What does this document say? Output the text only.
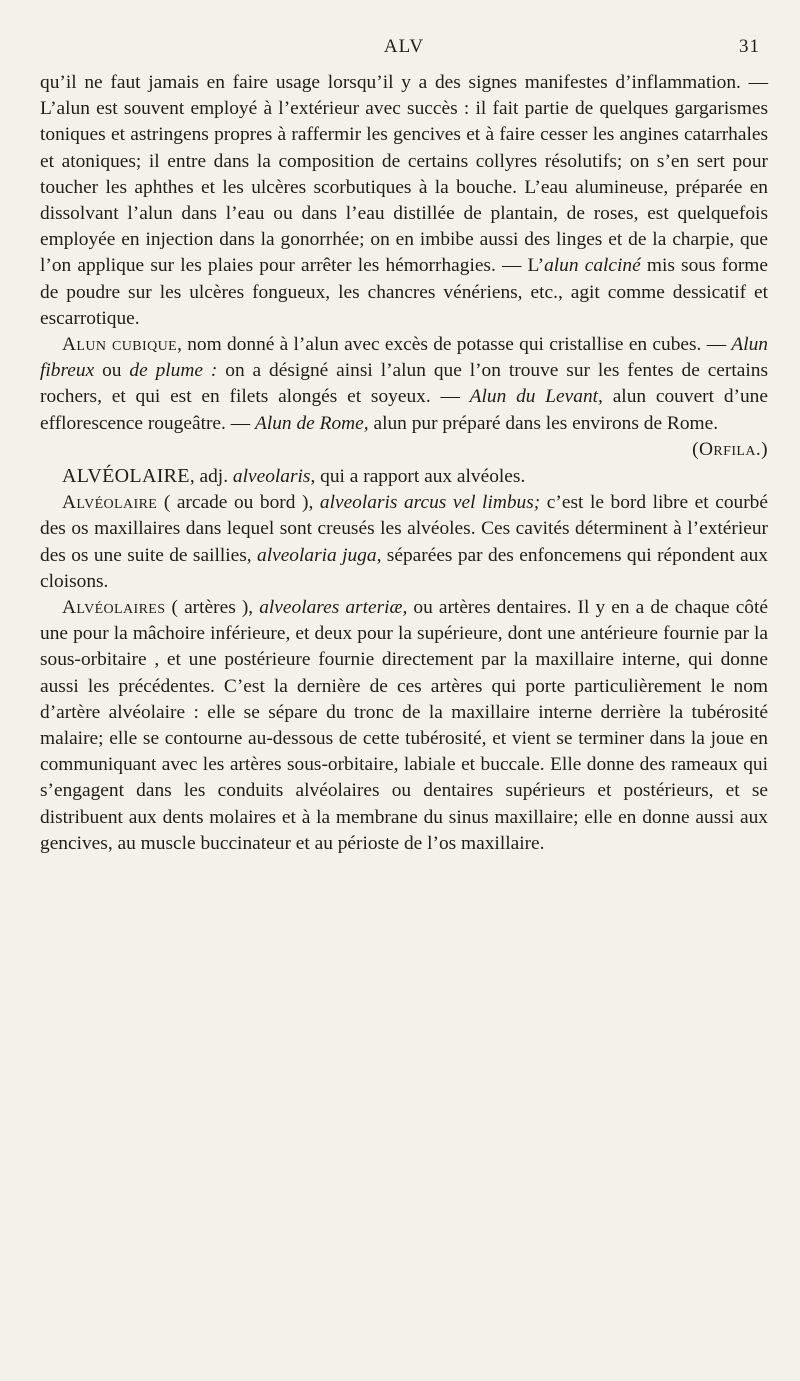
ALV	31

qu’il ne faut jamais en faire usage lorsqu’il y a des signes manifestes d’inflammation. — L’alun est souvent employé à l’extérieur avec succès : il fait partie de quelques gargarismes toniques et astringens propres à raffermir les gencives et à faire cesser les angines catarrhales et atoniques; il entre dans la composition de certains collyres résolutifs; on s’en sert pour toucher les aphthes et les ulcères scorbutiques à la bouche. L’eau alumineuse, préparée en dissolvant l’alun dans l’eau ou dans l’eau distillée de plantain, de roses, est quelquefois employée en injection dans la gonorrhée; on en imbibe aussi des linges et de la charpie, que l’on applique sur les plaies pour arrêter les hémorrhagies. — L’alun calciné mis sous forme de poudre sur les ulcères fongueux, les chancres vénériens, etc., agit comme dessicatif et escarrotique.

Alun cubique, nom donné à l’alun avec excès de potasse qui cristallise en cubes. — Alun fibreux ou de plume : on a désigné ainsi l’alun que l’on trouve sur les fentes de certains rochers, et qui est en filets alongés et soyeux. — Alun du Levant, alun couvert d’une efflorescence rougeâtre. — Alun de Rome, alun pur préparé dans les environs de Rome.
(Orfila.)

ALVÉOLAIRE, adj. alveolaris, qui a rapport aux alvéoles.

Alvéolaire ( arcade ou bord ), alveolaris arcus vel limbus; c’est le bord libre et courbé des os maxillaires dans lequel sont creusés les alvéoles. Ces cavités déterminent à l’extérieur des os une suite de saillies, alveolaria juga, séparées par des enfoncemens qui répondent aux cloisons.

Alvéolaires ( artères ), alveolares arteriæ, ou artères dentaires. Il y en a de chaque côté une pour la mâchoire inférieure, et deux pour la supérieure, dont une antérieure fournie par la sous-orbitaire , et une postérieure fournie directement par la maxillaire interne, qui donne aussi les précédentes. C’est la dernière de ces artères qui porte particulièrement le nom d’artère alvéolaire : elle se sépare du tronc de la maxillaire interne derrière la tubérosité malaire; elle se contourne au-dessous de cette tubérosité, et vient se terminer dans la joue en communiquant avec les artères sous-orbitaire, labiale et buccale. Elle donne des rameaux qui s’engagent dans les conduits alvéolaires ou dentaires supérieurs et postérieurs, et se distribuent aux dents molaires et à la membrane du sinus maxillaire; elle en donne aussi aux gencives, au muscle buccinateur et au périoste de l’os maxillaire.
